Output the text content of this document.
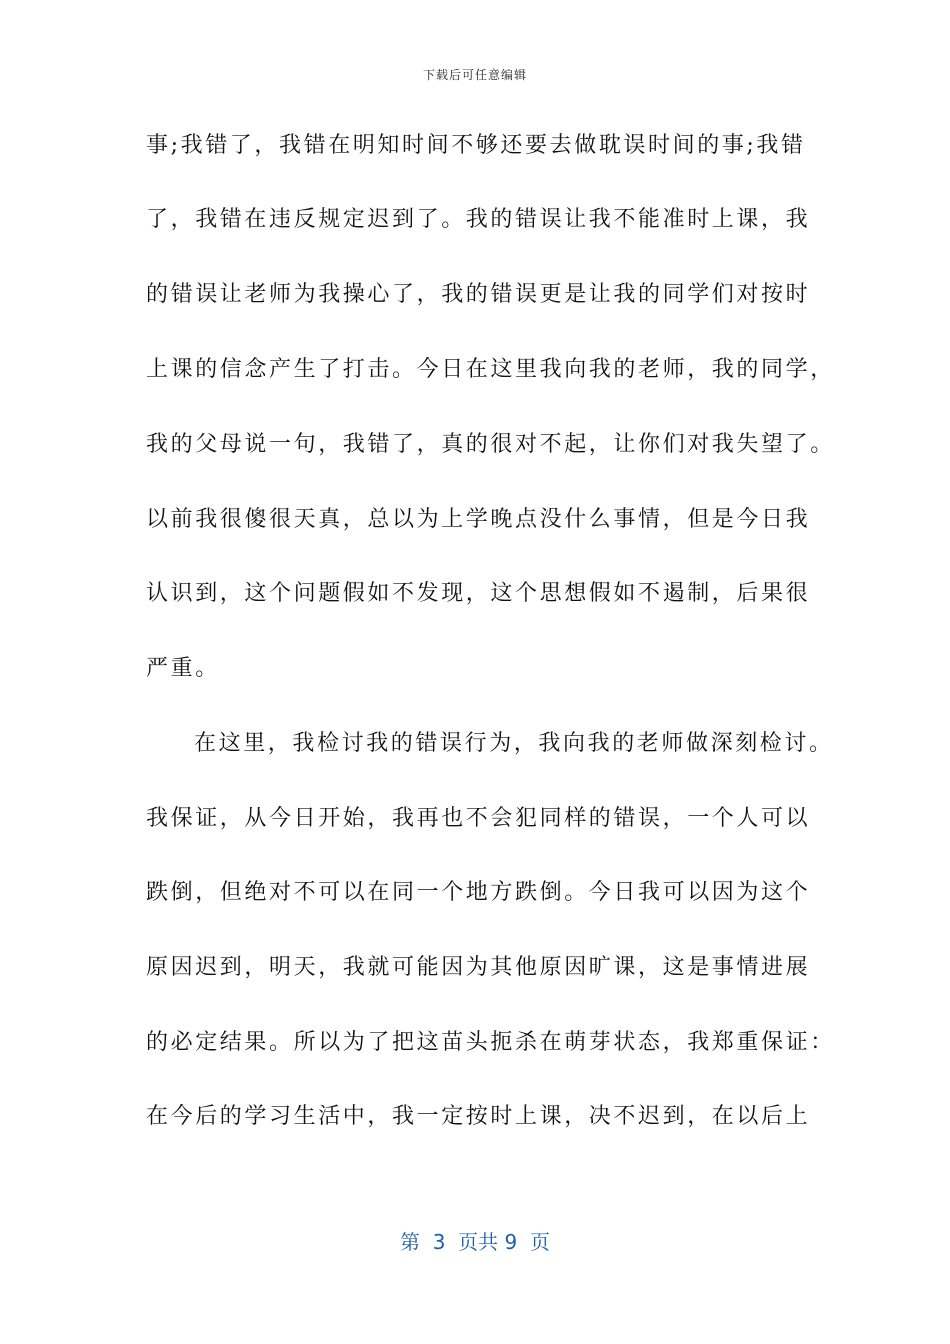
下载后可任意编辑
事;我错了，我错在明知时间不够还要去做耽误时间的事;我错
了，我错在违反规定迟到了。我的错误让我不能准时上课，我
的错误让老师为我操心了，我的错误更是让我的同学们对按时
上课的信念产生了打击。今日在这里我向我的老师，我的同学，
我的父母说一句，我错了，真的很对不起，让你们对我失望了。
以前我很傻很天真，总以为上学晚点没什么事情，但是今日我
认识到，这个问题假如不发现，这个思想假如不遏制，后果很
严重。
在这里，我检讨我的错误行为，我向我的老师做深刻检讨。
我保证，从今日开始，我再也不会犯同样的错误，一个人可以
跌倒，但绝对不可以在同一个地方跌倒。今日我可以因为这个
原因迟到，明天，我就可能因为其他原因旷课，这是事情进展
的必定结果。所以为了把这苗头扼杀在萌芽状态，我郑重保证：
在今后的学习生活中，我一定按时上课，决不迟到，在以后上
第  3  页共 9  页
